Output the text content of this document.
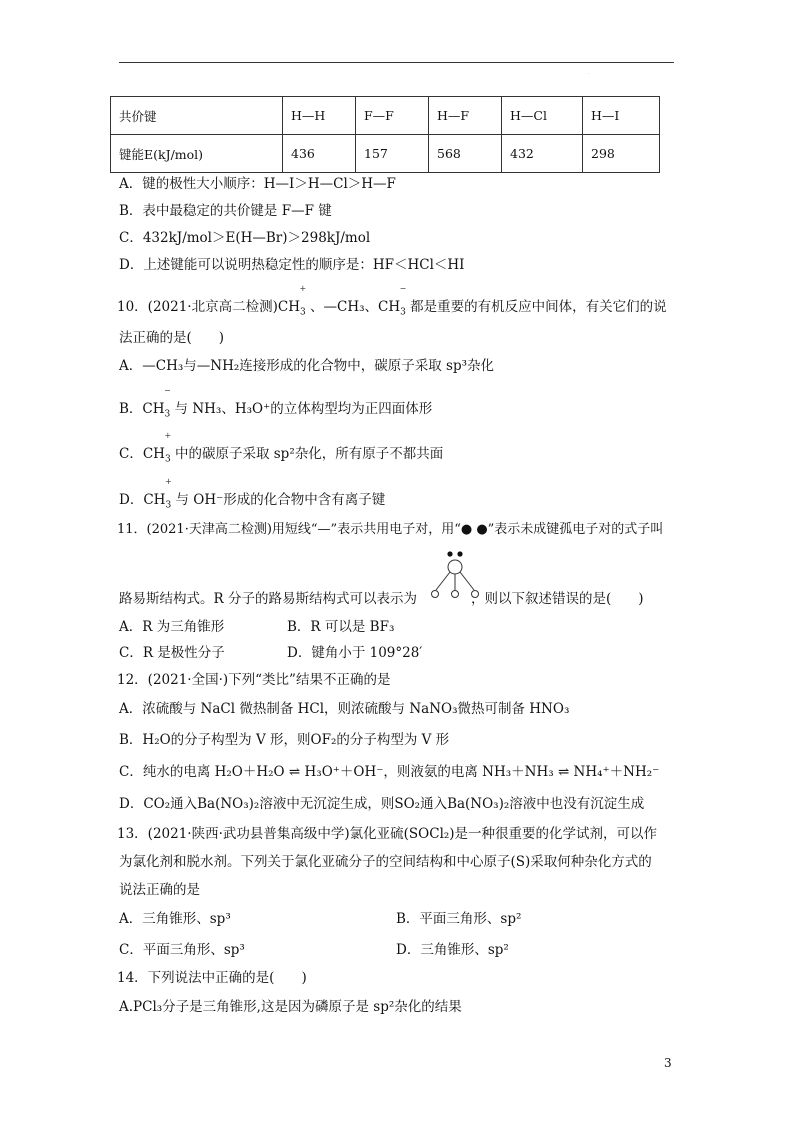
.
共价键	H—H	F—F	H—F	H—Cl	H—I
键能E(kJ/mol)	436	157	568	432	298
A．键的极性大小顺序：H—I＞H—Cl＞H—F
B．表中最稳定的共价键是 F—F 键
C．432kJ/mol＞E(H—Br)＞298kJ/mol
D．上述键能可以说明热稳定性的顺序是：HF＜HCl＜HI
10．(2021·北京高二检测)CH
+
$_3$ 、—CH₃、CH
−
$_3$ 都是重要的有机反应中间体，有关它们的说
法正确的是(　　)
A．—CH₃与—NH₂连接形成的化合物中，碳原子采取 sp³杂化
B．CH
−
$_3$ 与 NH₃、H₃O⁺的立体构型均为正四面体形
C．CH
+
$_3$ 中的碳原子采取 sp²杂化，所有原子不都共面
D．CH
+
$_3$ 与 OH⁻形成的化合物中含有离子键
11．(2021·天津高二检测)用短线“—”表示共用电子对，用“● ●”表示未成键孤电子对的式子叫
路易斯结构式。R 分子的路易斯结构式可以表示为	，则以下叙述错误的是(　　)
A．R 为三角锥形	B．R 可以是 BF₃
C．R 是极性分子	D．键角小于 109°28′
12．(2021·全国·)下列“类比”结果不正确的是
A．浓硫酸与 NaCl 微热制备 HCl，则浓硫酸与 NaNO₃微热可制备 HNO₃
B．H₂O的分子构型为 V 形，则OF₂的分子构型为 V 形
C．纯水的电离 H₂O＋H₂O ⇌ H₃O⁺＋OH⁻，则液氨的电离 NH₃＋NH₃ ⇌ NH₄⁺＋NH₂⁻
D．CO₂通入Ba(NO₃)₂溶液中无沉淀生成，则SO₂通入Ba(NO₃)₂溶液中也没有沉淀生成
13．(2021·陕西·武功县普集高级中学)氯化亚硫(SOCl₂)是一种很重要的化学试剂，可以作
为氯化剂和脱水剂。下列关于氯化亚硫分子的空间结构和中心原子(S)采取何种杂化方式的
说法正确的是
A．三角锥形、sp³	B．平面三角形、sp²
C．平面三角形、sp³	D．三角锥形、sp²
14．下列说法中正确的是(　　)
A.PCl₃分子是三角锥形,这是因为磷原子是 sp²杂化的结果
3
